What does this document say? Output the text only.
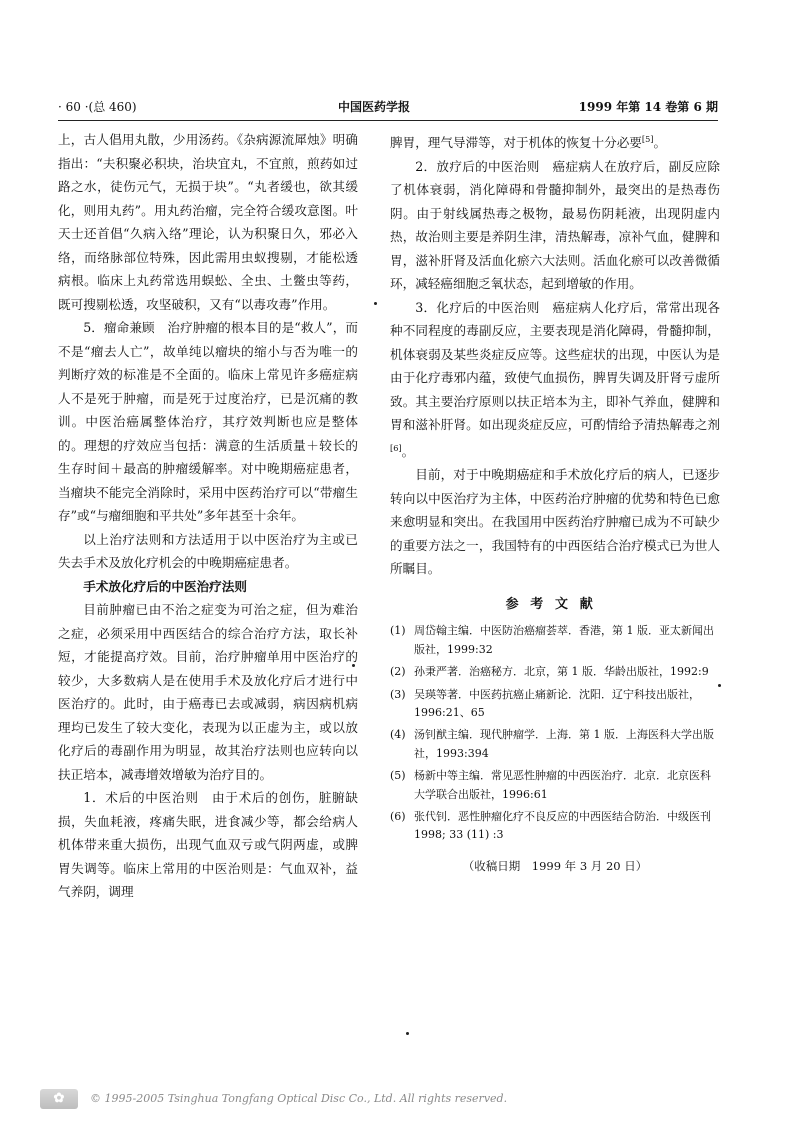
· 60 ·(总 460)	中国医药学报	1999 年第 14 卷第 6 期

上，古人倡用丸散，少用汤药。《杂病源流犀烛》明确指出：“夫积聚必积块，治块宜丸，不宜煎，煎药如过路之水，徒伤元气，无损于块”。“丸者缓也，欲其缓化，则用丸药”。用丸药治瘤，完全符合缓攻意图。叶天士还首倡“久病入络”理论，认为积聚日久，邪必入络，而络脉部位特殊，因此需用虫蚁搜剔，才能松透病根。临床上丸药常选用蜈蚣、全虫、土鳖虫等药，既可搜剔松透，攻坚破积，又有“以毒攻毒”作用。

5．瘤命兼顾　治疗肿瘤的根本目的是“救人”，而不是“瘤去人亡”，故单纯以瘤块的缩小与否为唯一的判断疗效的标准是不全面的。临床上常见许多癌症病人不是死于肿瘤，而是死于过度治疗，已是沉痛的教训。中医治癌属整体治疗，其疗效判断也应是整体的。理想的疗效应当包括：满意的生活质量＋较长的生存时间＋最高的肿瘤缓解率。对中晚期癌症患者，当瘤块不能完全消除时，采用中医药治疗可以“带瘤生存”或“与瘤细胞和平共处”多年甚至十余年。

以上治疗法则和方法适用于以中医治疗为主或已失去手术及放化疗机会的中晚期癌症患者。

手术放化疗后的中医治疗法则

目前肿瘤已由不治之症变为可治之症，但为难治之症，必须采用中西医结合的综合治疗方法，取长补短，才能提高疗效。目前，治疗肿瘤单用中医治疗的较少，大多数病人是在使用手术及放化疗后才进行中医治疗的。此时，由于癌毒已去或减弱，病因病机病理均已发生了较大变化，表现为以正虚为主，或以放化疗后的毒副作用为明显，故其治疗法则也应转向以扶正培本，减毒增效增敏为治疗目的。

1．术后的中医治则　由于术后的创伤，脏腑缺损，失血耗液，疼痛失眠，进食减少等，都会给病人机体带来重大损伤，出现气血双亏或气阴两虚，或脾胃失调等。临床上常用的中医治则是：气血双补，益气养阴，调理

脾胃，理气导滞等，对于机体的恢复十分必要[5]。

2．放疗后的中医治则　癌症病人在放疗后，副反应除了机体衰弱，消化障碍和骨髓抑制外，最突出的是热毒伤阴。由于射线属热毒之极物，最易伤阴耗液，出现阴虚内热，故治则主要是养阴生津，清热解毒，凉补气血，健脾和胃，滋补肝肾及活血化瘀六大法则。活血化瘀可以改善微循环，减轻癌细胞乏氧状态，起到增敏的作用。

3．化疗后的中医治则　癌症病人化疗后，常常出现各种不同程度的毒副反应，主要表现是消化障碍，骨髓抑制，机体衰弱及某些炎症反应等。这些症状的出现，中医认为是由于化疗毒邪内蕴，致使气血损伤，脾胃失调及肝肾亏虚所致。其主要治疗原则以扶正培本为主，即补气养血，健脾和胃和滋补肝肾。如出现炎症反应，可酌情给予清热解毒之剂[6]。

目前，对于中晚期癌症和手术放化疗后的病人，已逐步转向以中医治疗为主体，中医药治疗肿瘤的优势和特色已愈来愈明显和突出。在我国用中医药治疗肿瘤已成为不可缺少的重要方法之一，我国特有的中西医结合治疗模式已为世人所瞩目。

参考文献
(1) 周岱翰主编．中医防治癌瘤荟萃．香港，第 1 版．亚太新闻出版社，1999:32
(2) 孙秉严著．治癌秘方．北京，第 1 版．华龄出版社，1992:9
(3) 吴瑛等著．中医药抗癌止痛新论．沈阳．辽宁科技出版社，1996:21、65
(4) 汤钊猷主编．现代肿瘤学．上海．第 1 版．上海医科大学出版社，1993:394
(5) 杨新中等主编．常见恶性肿瘤的中西医治疗．北京．北京医科大学联合出版社，1996:61
(6) 张代钊．恶性肿瘤化疗不良反应的中西医结合防治．中级医刊　1998; 33 (11) :3
（收稿日期　1999 年 3 月 20 日）
✿	© 1995-2005 Tsinghua Tongfang Optical Disc Co., Ltd. All rights reserved.
